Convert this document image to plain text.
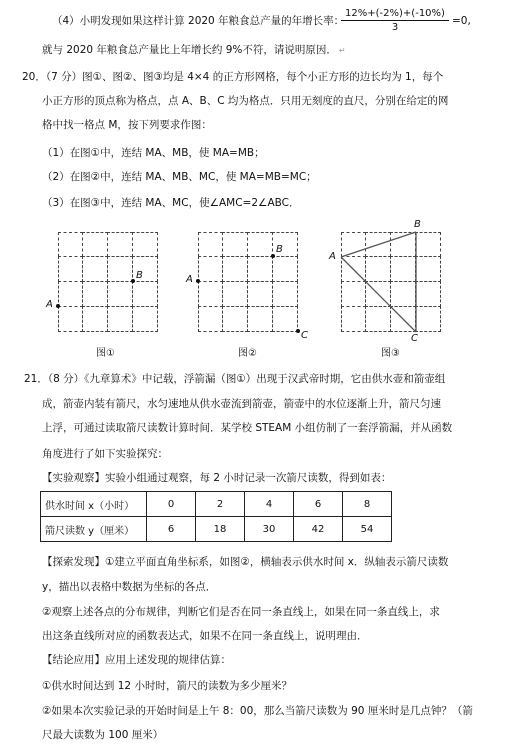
（4）小明发现如果这样计算 2020 年粮食总产量的年增长率：
$\frac{12\%+(-2\%)+(-10\%)}{3} =0$,
就与 2020 年粮食总产量比上年增长约 9%不符，请说明原因． ↵
20．（7 分）图①、图②、图③均是 4×4 的正方形网格，每个小正方形的边长均为 1，每个
小正方形的顶点称为格点，点 A、B、C 均为格点．只用无刻度的直尺，分别在给定的网
格中找一格点 M，按下列要求作图：
（1）在图①中，连结 MA、MB，使 MA=MB；
（2）在图②中，连结 MA、MB、MC，使 MA=MB=MC；
（3）在图③中，连结 MA、MC，使∠AMC=2∠ABC．
A
B
图①
A
B
C
图②
A
B
C
图③
21．（8 分）《九章算术》中记载，浮箭漏（图①）出现于汉武帝时期，它由供水壶和箭壶组
成，箭壶内装有箭尺，水匀速地从供水壶流到箭壶，箭壶中的水位逐渐上升，箭尺匀速
上浮，可通过读取箭尺读数计算时间．某学校 STEAM 小组仿制了一套浮箭漏，并从函数
角度进行了如下实验探究：
【实验观察】实验小组通过观察，每 2 小时记录一次箭尺读数，得到如表：
供水时间 x（小时）	0	2	4	6	8
箭尺读数 y（厘米）	6	18	30	42	54
【探索发现】①建立平面直角坐标系，如图②，横轴表示供水时间 x．纵轴表示箭尺读数
y，描出以表格中数据为坐标的各点．
②观察上述各点的分布规律，判断它们是否在同一条直线上，如果在同一条直线上，求
出这条直线所对应的函数表达式，如果不在同一条直线上，说明理由．
【结论应用】应用上述发现的规律估算：
①供水时间达到 12 小时时，箭尺的读数为多少厘米？
②如果本次实验记录的开始时间是上午 8：00，那么当箭尺读数为 90 厘米时是几点钟？（箭
尺最大读数为 100 厘米）
